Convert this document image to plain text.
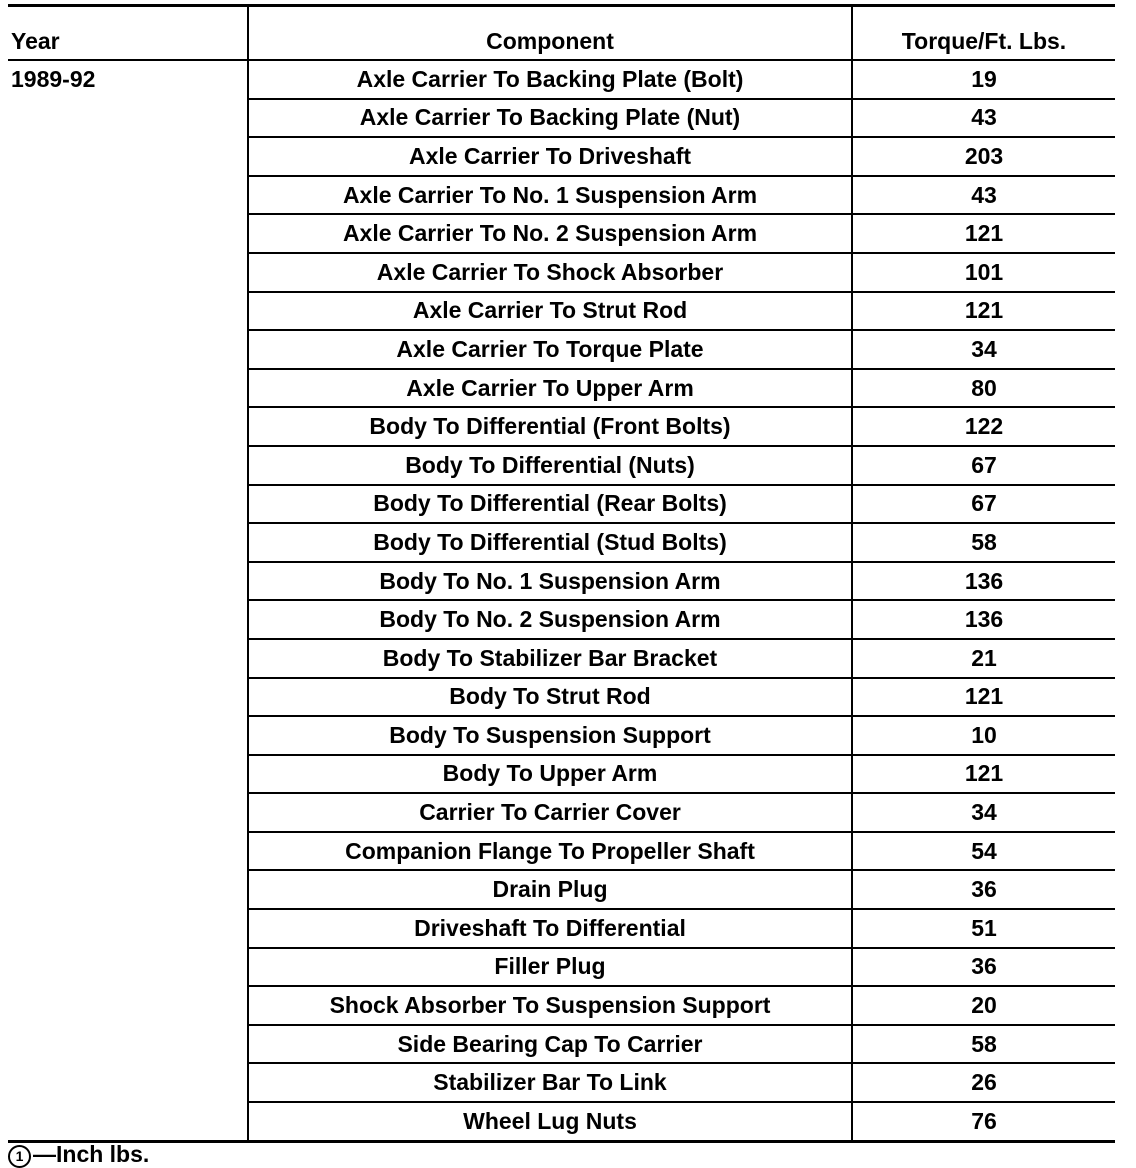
Year	Component	Torque/Ft. Lbs.
1989-92	Axle Carrier To Backing Plate (Bolt)	19
	Axle Carrier To Backing Plate (Nut)	43
	Axle Carrier To Driveshaft	203
	Axle Carrier To No. 1 Suspension Arm	43
	Axle Carrier To No. 2 Suspension Arm	121
	Axle Carrier To Shock Absorber	101
	Axle Carrier To Strut Rod	121
	Axle Carrier To Torque Plate	34
	Axle Carrier To Upper Arm	80
	Body To Differential (Front Bolts)	122
	Body To Differential (Nuts)	67
	Body To Differential (Rear Bolts)	67
	Body To Differential (Stud Bolts)	58
	Body To No. 1 Suspension Arm	136
	Body To No. 2 Suspension Arm	136
	Body To Stabilizer Bar Bracket	21
	Body To Strut Rod	121
	Body To Suspension Support	10
	Body To Upper Arm	121
	Carrier To Carrier Cover	34
	Companion Flange To Propeller Shaft	54
	Drain Plug	36
	Driveshaft To Differential	51
	Filler Plug	36
	Shock Absorber To Suspension Support	20
	Side Bearing Cap To Carrier	58
	Stabilizer Bar To Link	26
	Wheel Lug Nuts	76
1 —Inch lbs.
